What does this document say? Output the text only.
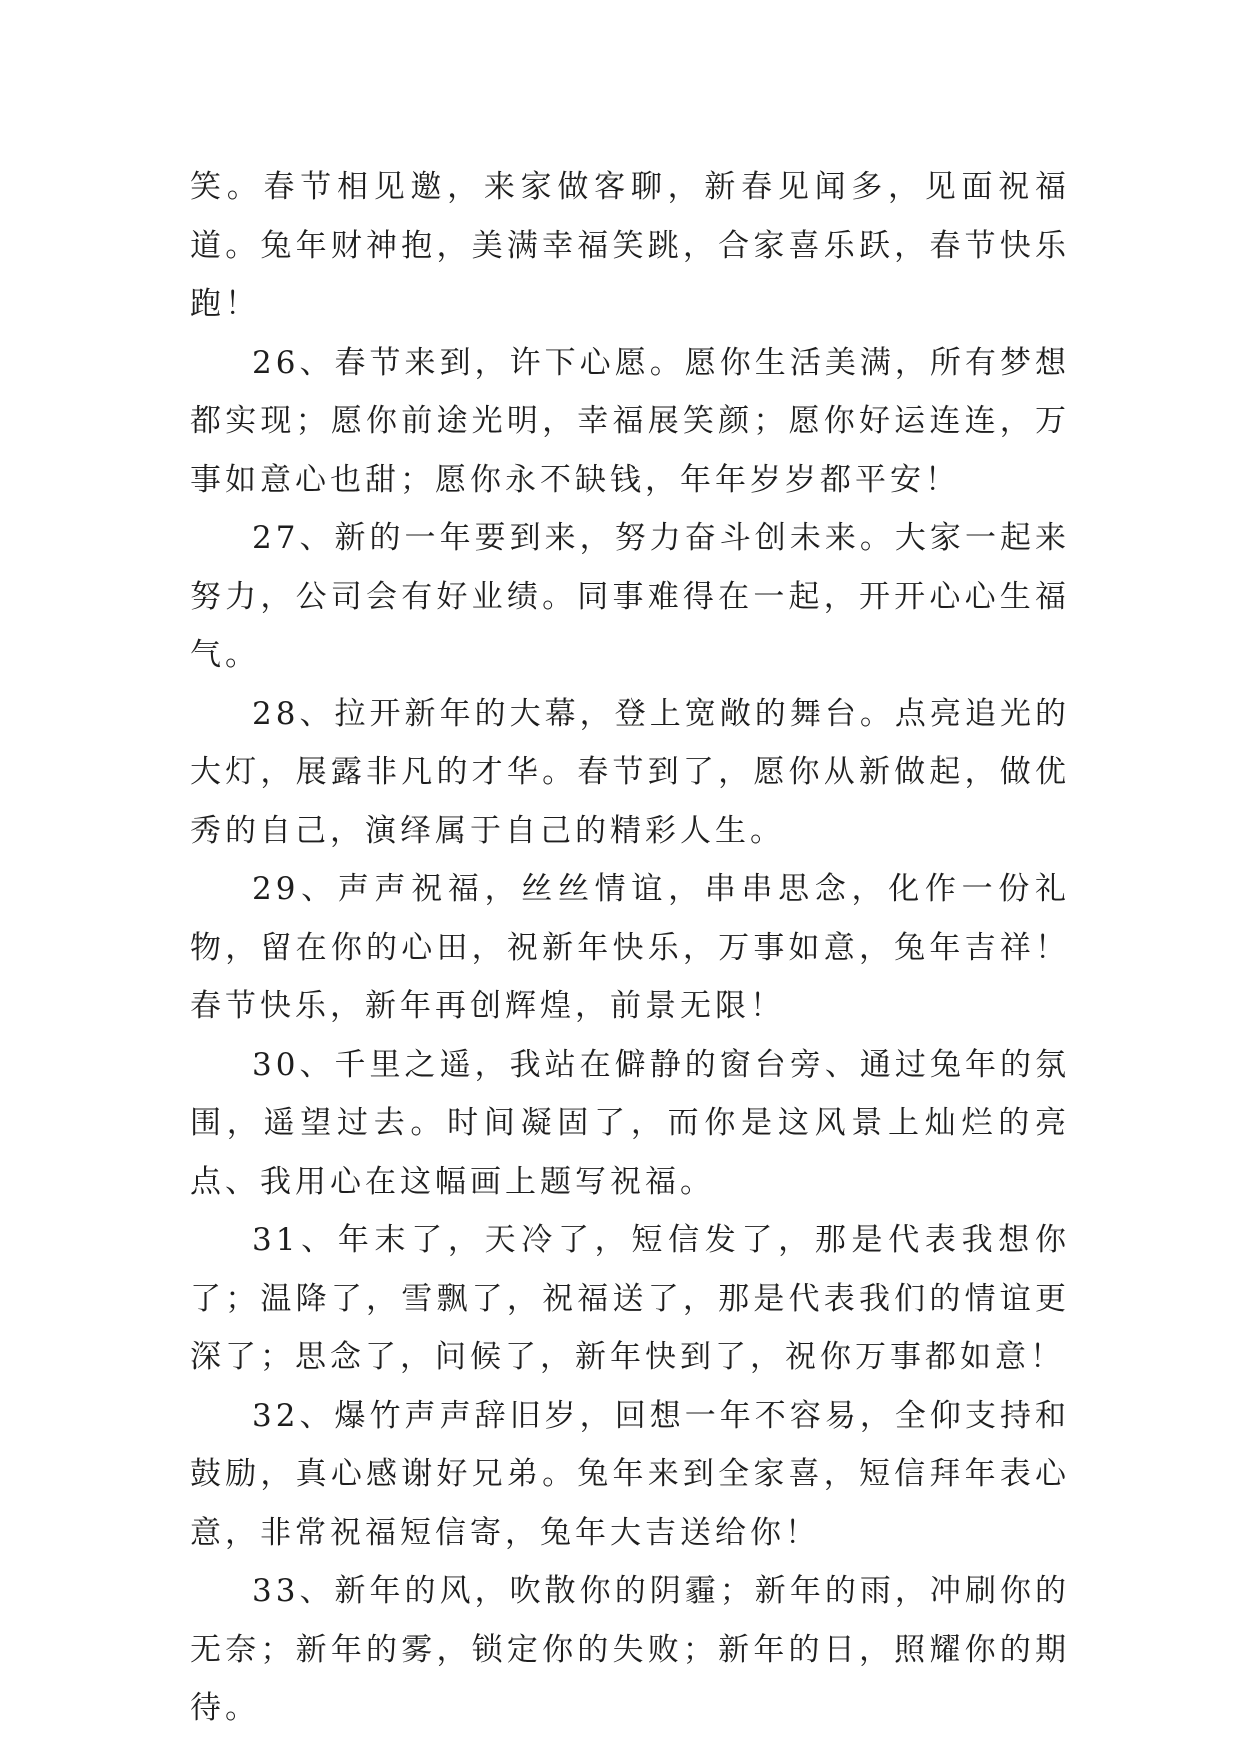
笑。春节相见邀，来家做客聊，新春见闻多，见面祝福道。兔年财神抱，美满幸福笑跳，合家喜乐跃，春节快乐跑！

26、春节来到，许下心愿。愿你生活美满，所有梦想都实现；愿你前途光明，幸福展笑颜；愿你好运连连，万事如意心也甜；愿你永不缺钱，年年岁岁都平安！

27、新的一年要到来，努力奋斗创未来。大家一起来努力，公司会有好业绩。同事难得在一起，开开心心生福气。

28、拉开新年的大幕，登上宽敞的舞台。点亮追光的大灯，展露非凡的才华。春节到了，愿你从新做起，做优秀的自己，演绎属于自己的精彩人生。

29、声声祝福，丝丝情谊，串串思念，化作一份礼物，留在你的心田，祝新年快乐，万事如意，兔年吉祥！春节快乐，新年再创辉煌，前景无限！

30、千里之遥，我站在僻静的窗台旁、通过兔年的氛围，遥望过去。时间凝固了，而你是这风景上灿烂的亮点、我用心在这幅画上题写祝福。

31、年末了，天冷了，短信发了，那是代表我想你了；温降了，雪飘了，祝福送了，那是代表我们的情谊更深了；思念了，问候了，新年快到了，祝你万事都如意！

32、爆竹声声辞旧岁，回想一年不容易，全仰支持和鼓励，真心感谢好兄弟。兔年来到全家喜，短信拜年表心意，非常祝福短信寄，兔年大吉送给你！

33、新年的风，吹散你的阴霾；新年的雨，冲刷你的无奈；新年的雾，锁定你的失败；新年的日，照耀你的期待。
